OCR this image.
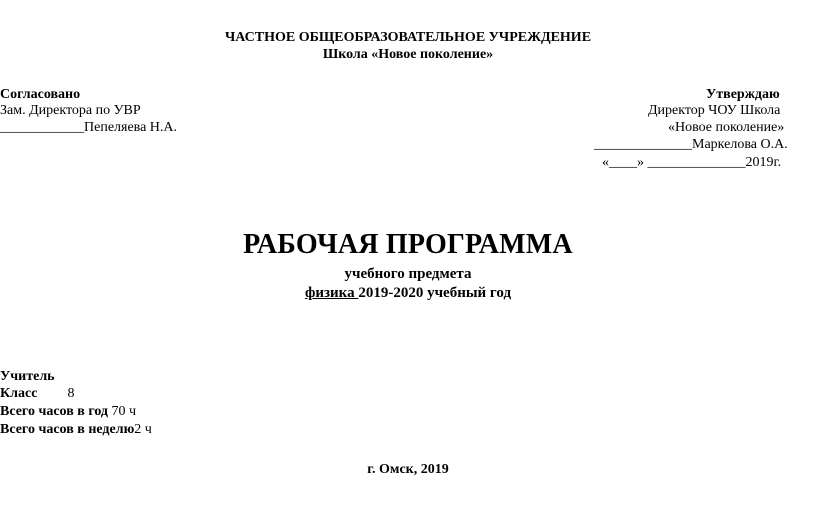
ЧАСТНОЕ ОБЩЕОБРАЗОВАТЕЛЬНОЕ УЧРЕЖДЕНИЕ
Школа «Новое поколение»
Согласовано
Зам. Директора по УВР
____________Пепеляева Н.А.
Утверждаю
Директор ЧОУ Школа
«Новое поколение»
______________Маркелова О.А.
«____» ______________2019г.
РАБОЧАЯ ПРОГРАММА
учебного предмета
физика 2019-2020 учебный год
Учитель
Класс 8
Всего часов в год 70 ч
Всего часов в неделю2 ч
г. Омск, 2019
